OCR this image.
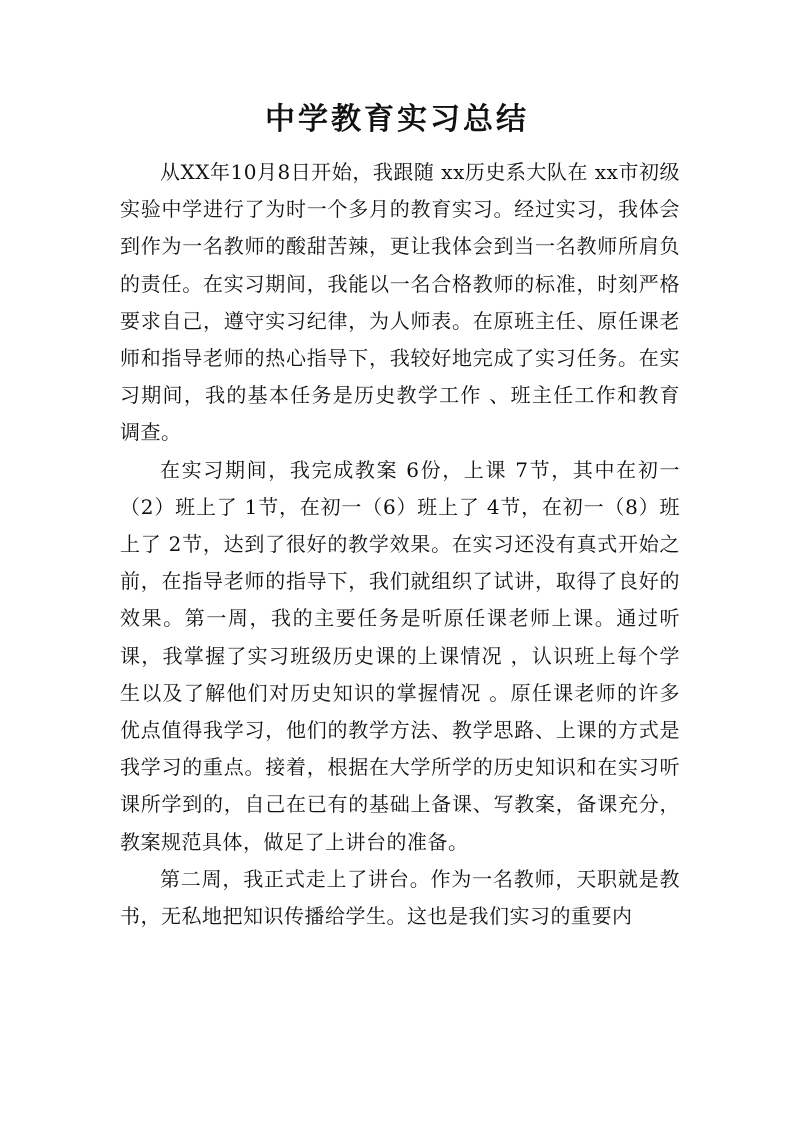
中学教育实习总结

从XX年10月8日开始，我跟随 xx历史系大队在 xx市初级实验中学进行了为时一个多月的教育实习。经过实习，我体会到作为一名教师的酸甜苦辣，更让我体会到当一名教师所肩负的责任。在实习期间，我能以一名合格教师的标准，时刻严格要求自己，遵守实习纪律，为人师表。在原班主任、原任课老师和指导老师的热心指导下，我较好地完成了实习任务。在实习期间，我的基本任务是历史教学工作 、班主任工作和教育调查。

在实习期间，我完成教案 6份，上课 7节，其中在初一（2）班上了 1节，在初一（6）班上了 4节，在初一（8）班上了 2节，达到了很好的教学效果。在实习还没有真式开始之前，在指导老师的指导下，我们就组织了试讲，取得了良好的效果。第一周，我的主要任务是听原任课老师上课。通过听课，我掌握了实习班级历史课的上课情况 ，认识班上每个学生以及了解他们对历史知识的掌握情况 。原任课老师的许多优点值得我学习，他们的教学方法、教学思路、上课的方式是我学习的重点。接着，根据在大学所学的历史知识和在实习听课所学到的，自己在已有的基础上备课、写教案，备课充分，教案规范具体，做足了上讲台的准备。

第二周，我正式走上了讲台。作为一名教师，天职就是教书，无私地把知识传播给学生。这也是我们实习的重要内
